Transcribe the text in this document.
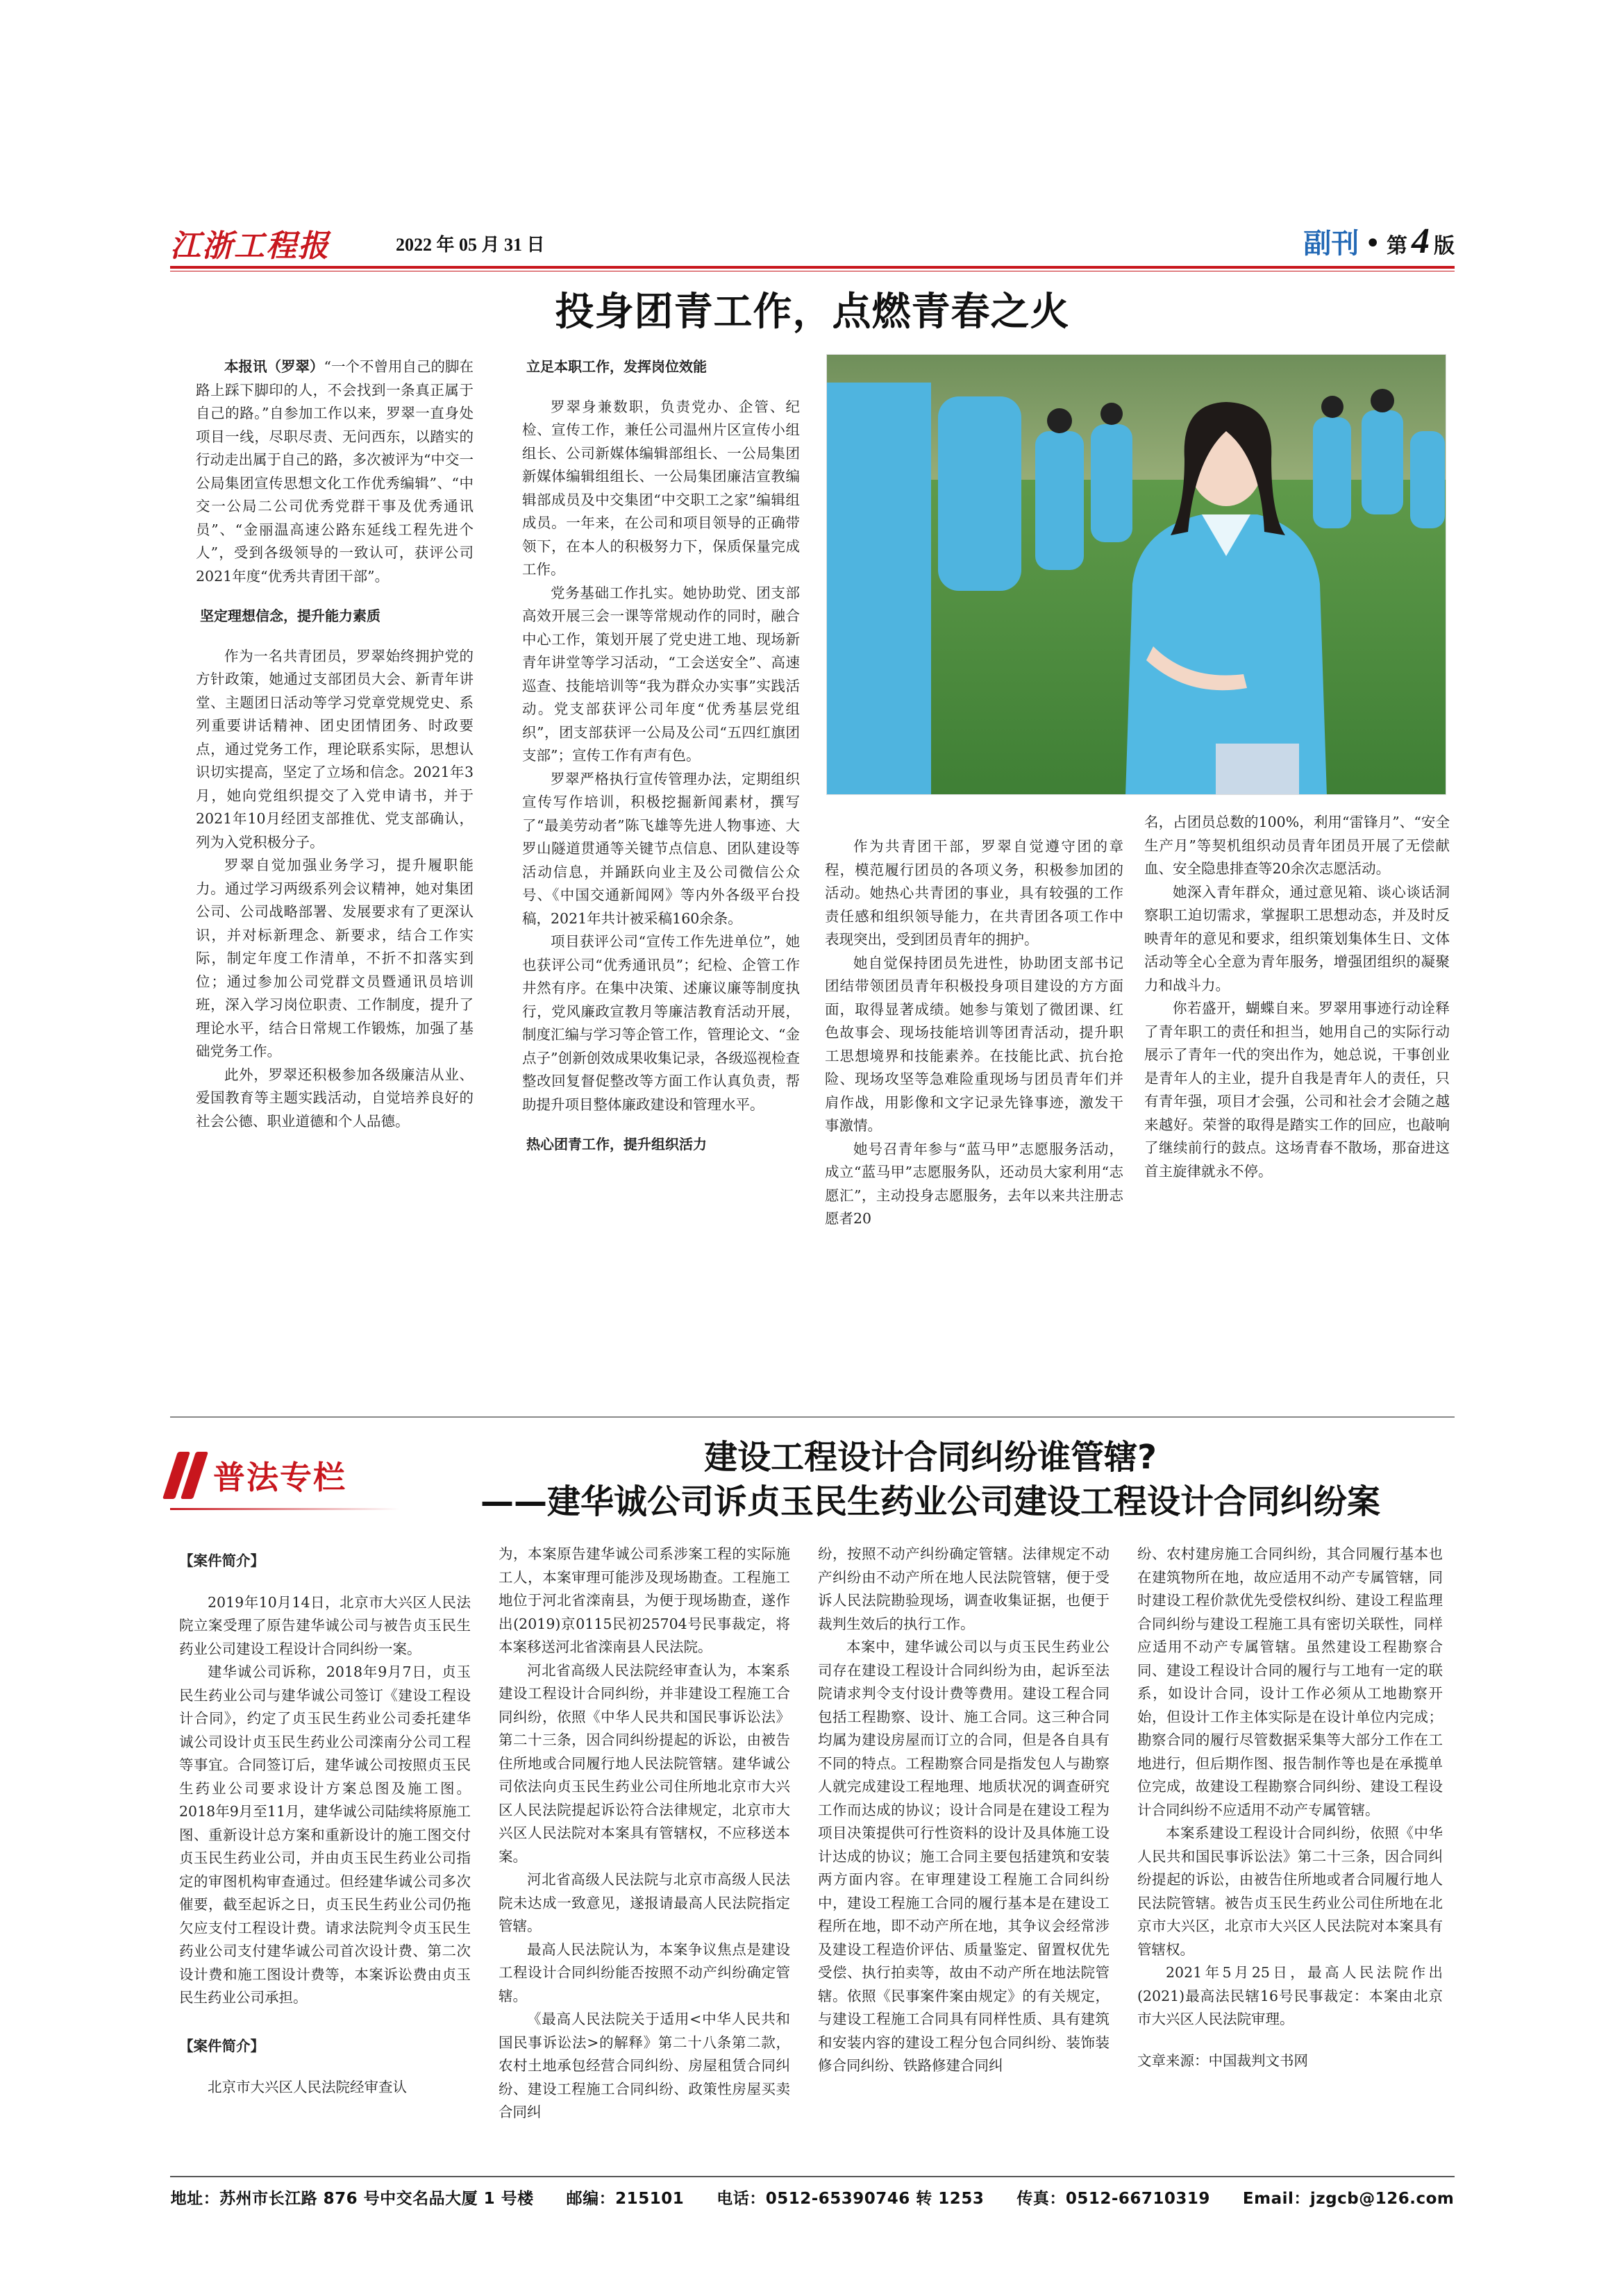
江浙工程报	2022 年 05 月 31 日	副刊 • 第 4 版
投身团青工作，点燃青春之火

本报讯（罗翠）“一个不曾用自己的脚在路上踩下脚印的人，不会找到一条真正属于自己的路。”自参加工作以来，罗翠一直身处项目一线，尽职尽责、无问西东，以踏实的行动走出属于自己的路，多次被评为“中交一公局集团宣传思想文化工作优秀编辑”、“中交一公局二公司优秀党群干事及优秀通讯员”、“金丽温高速公路东延线工程先进个人”，受到各级领导的一致认可，获评公司2021年度“优秀共青团干部”。

坚定理想信念，提升能力素质

作为一名共青团员，罗翠始终拥护党的方针政策，她通过支部团员大会、新青年讲堂、主题团日活动等学习党章党规党史、系列重要讲话精神、团史团情团务、时政要点，通过党务工作，理论联系实际，思想认识切实提高，坚定了立场和信念。2021年3月，她向党组织提交了入党申请书，并于2021年10月经团支部推优、党支部确认，列为入党积极分子。

罗翠自觉加强业务学习，提升履职能力。通过学习两级系列会议精神，她对集团公司、公司战略部署、发展要求有了更深认识，并对标新理念、新要求，结合工作实际，制定年度工作清单，不折不扣落实到位；通过参加公司党群文员暨通讯员培训班，深入学习岗位职责、工作制度，提升了理论水平，结合日常规工作锻炼，加强了基础党务工作。

此外，罗翠还积极参加各级廉洁从业、爱国教育等主题实践活动，自觉培养良好的社会公德、职业道德和个人品德。

立足本职工作，发挥岗位效能

罗翠身兼数职，负责党办、企管、纪检、宣传工作，兼任公司温州片区宣传小组组长、公司新媒体编辑部组长、一公局集团新媒体编辑组组长、一公局集团廉洁宣教编辑部成员及中交集团“中交职工之家”编辑组成员。一年来，在公司和项目领导的正确带领下，在本人的积极努力下，保质保量完成工作。

党务基础工作扎实。她协助党、团支部高效开展三会一课等常规动作的同时，融合中心工作，策划开展了党史进工地、现场新青年讲堂等学习活动，“工会送安全”、高速巡查、技能培训等“我为群众办实事”实践活动。党支部获评公司年度“优秀基层党组织”，团支部获评一公局及公司“五四红旗团支部”；宣传工作有声有色。

罗翠严格执行宣传管理办法，定期组织宣传写作培训，积极挖掘新闻素材，撰写了“最美劳动者”陈飞雄等先进人物事迹、大罗山隧道贯通等关键节点信息、团队建设等活动信息，并踊跃向业主及公司微信公众号、《中国交通新闻网》等内外各级平台投稿，2021年共计被采稿160余条。

项目获评公司“宣传工作先进单位”，她也获评公司“优秀通讯员”；纪检、企管工作井然有序。在集中决策、述廉议廉等制度执行，党风廉政宣教月等廉洁教育活动开展，制度汇编与学习等企管工作，管理论文、“金点子”创新创效成果收集记录，各级巡视检查整改回复督促整改等方面工作认真负责，帮助提升项目整体廉政建设和管理水平。

热心团青工作，提升组织活力

作为共青团干部，罗翠自觉遵守团的章程，模范履行团员的各项义务，积极参加团的活动。她热心共青团的事业，具有较强的工作责任感和组织领导能力，在共青团各项工作中表现突出，受到团员青年的拥护。

她自觉保持团员先进性，协助团支部书记团结带领团员青年积极投身项目建设的方方面面，取得显著成绩。她参与策划了微团课、红色故事会、现场技能培训等团青活动，提升职工思想境界和技能素养。在技能比武、抗台抢险、现场攻坚等急难险重现场与团员青年们并肩作战，用影像和文字记录先锋事迹，激发干事激情。

她号召青年参与“蓝马甲”志愿服务活动，成立“蓝马甲”志愿服务队，还动员大家利用“志愿汇”，主动投身志愿服务，去年以来共注册志愿者20

名，占团员总数的100%，利用“雷锋月”、“安全生产月”等契机组织动员青年团员开展了无偿献血、安全隐患排查等20余次志愿活动。

她深入青年群众，通过意见箱、谈心谈话洞察职工迫切需求，掌握职工思想动态，并及时反映青年的意见和要求，组织策划集体生日、文体活动等全心全意为青年服务，增强团组织的凝聚力和战斗力。

你若盛开，蝴蝶自来。罗翠用事迹行动诠释了青年职工的责任和担当，她用自己的实际行动展示了青年一代的突出作为，她总说，干事创业是青年人的主业，提升自我是青年人的责任，只有青年强，项目才会强，公司和社会才会随之越来越好。荣誉的取得是踏实工作的回应，也敲响了继续前行的鼓点。这场青春不散场，那奋进这首主旋律就永不停。

普法专栏
建设工程设计合同纠纷谁管辖?
——建华诚公司诉贞玉民生药业公司建设工程设计合同纠纷案

【案件简介】

2019年10月14日，北京市大兴区人民法院立案受理了原告建华诚公司与被告贞玉民生药业公司建设工程设计合同纠纷一案。

建华诚公司诉称，2018年9月7日，贞玉民生药业公司与建华诚公司签订《建设工程设计合同》，约定了贞玉民生药业公司委托建华诚公司设计贞玉民生药业公司滦南分公司工程等事宜。合同签订后，建华诚公司按照贞玉民生药业公司要求设计方案总图及施工图。2018年9月至11月，建华诚公司陆续将原施工图、重新设计总方案和重新设计的施工图交付贞玉民生药业公司，并由贞玉民生药业公司指定的审图机构审查通过。但经建华诚公司多次催要，截至起诉之日，贞玉民生药业公司仍拖欠应支付工程设计费。请求法院判令贞玉民生药业公司支付建华诚公司首次设计费、第二次设计费和施工图设计费等，本案诉讼费由贞玉民生药业公司承担。

【案件简介】

北京市大兴区人民法院经审查认

为，本案原告建华诚公司系涉案工程的实际施工人，本案审理可能涉及现场勘查。工程施工地位于河北省滦南县，为便于现场勘查，遂作出(2019)京0115民初25704号民事裁定，将本案移送河北省滦南县人民法院。

河北省高级人民法院经审查认为，本案系建设工程设计合同纠纷，并非建设工程施工合同纠纷，依照《中华人民共和国民事诉讼法》第二十三条，因合同纠纷提起的诉讼，由被告住所地或合同履行地人民法院管辖。建华诚公司依法向贞玉民生药业公司住所地北京市大兴区人民法院提起诉讼符合法律规定，北京市大兴区人民法院对本案具有管辖权，不应移送本案。

河北省高级人民法院与北京市高级人民法院未达成一致意见，遂报请最高人民法院指定管辖。

最高人民法院认为，本案争议焦点是建设工程设计合同纠纷能否按照不动产纠纷确定管辖。

《最高人民法院关于适用<中华人民共和国民事诉讼法>的解释》第二十八条第二款，农村土地承包经营合同纠纷、房屋租赁合同纠纷、建设工程施工合同纠纷、政策性房屋买卖合同纠

纷，按照不动产纠纷确定管辖。法律规定不动产纠纷由不动产所在地人民法院管辖，便于受诉人民法院勘验现场，调查收集证据，也便于裁判生效后的执行工作。

本案中，建华诚公司以与贞玉民生药业公司存在建设工程设计合同纠纷为由，起诉至法院请求判令支付设计费等费用。建设工程合同包括工程勘察、设计、施工合同。这三种合同均属为建设房屋而订立的合同，但是各自具有不同的特点。工程勘察合同是指发包人与勘察人就完成建设工程地理、地质状况的调查研究工作而达成的协议；设计合同是在建设工程为项目决策提供可行性资料的设计及具体施工设计达成的协议；施工合同主要包括建筑和安装两方面内容。在审理建设工程施工合同纠纷中，建设工程施工合同的履行基本是在建设工程所在地，即不动产所在地，其争议会经常涉及建设工程造价评估、质量鉴定、留置权优先受偿、执行拍卖等，故由不动产所在地法院管辖。依照《民事案件案由规定》的有关规定，与建设工程施工合同具有同样性质、具有建筑和安装内容的建设工程分包合同纠纷、装饰装修合同纠纷、铁路修建合同纠

纷、农村建房施工合同纠纷，其合同履行基本也在建筑物所在地，故应适用不动产专属管辖，同时建设工程价款优先受偿权纠纷、建设工程监理合同纠纷与建设工程施工具有密切关联性，同样应适用不动产专属管辖。虽然建设工程勘察合同、建设工程设计合同的履行与工地有一定的联系，如设计合同，设计工作必须从工地勘察开始，但设计工作主体实际是在设计单位内完成；勘察合同的履行尽管数据采集等大部分工作在工地进行，但后期作图、报告制作等也是在承揽单位完成，故建设工程勘察合同纠纷、建设工程设计合同纠纷不应适用不动产专属管辖。

本案系建设工程设计合同纠纷，依照《中华人民共和国民事诉讼法》第二十三条，因合同纠纷提起的诉讼，由被告住所地或者合同履行地人民法院管辖。被告贞玉民生药业公司住所地在北京市大兴区，北京市大兴区人民法院对本案具有管辖权。

2021年5月25日，最高人民法院作出(2021)最高法民辖16号民事裁定：本案由北京市大兴区人民法院审理。

文章来源：中国裁判文书网

地址：苏州市长江路 876 号中交名品大厦 1 号楼　　邮编：215101　　电话：0512-65390746 转 1253　　传真：0512-66710319　　Email：jzgcb@126.com
